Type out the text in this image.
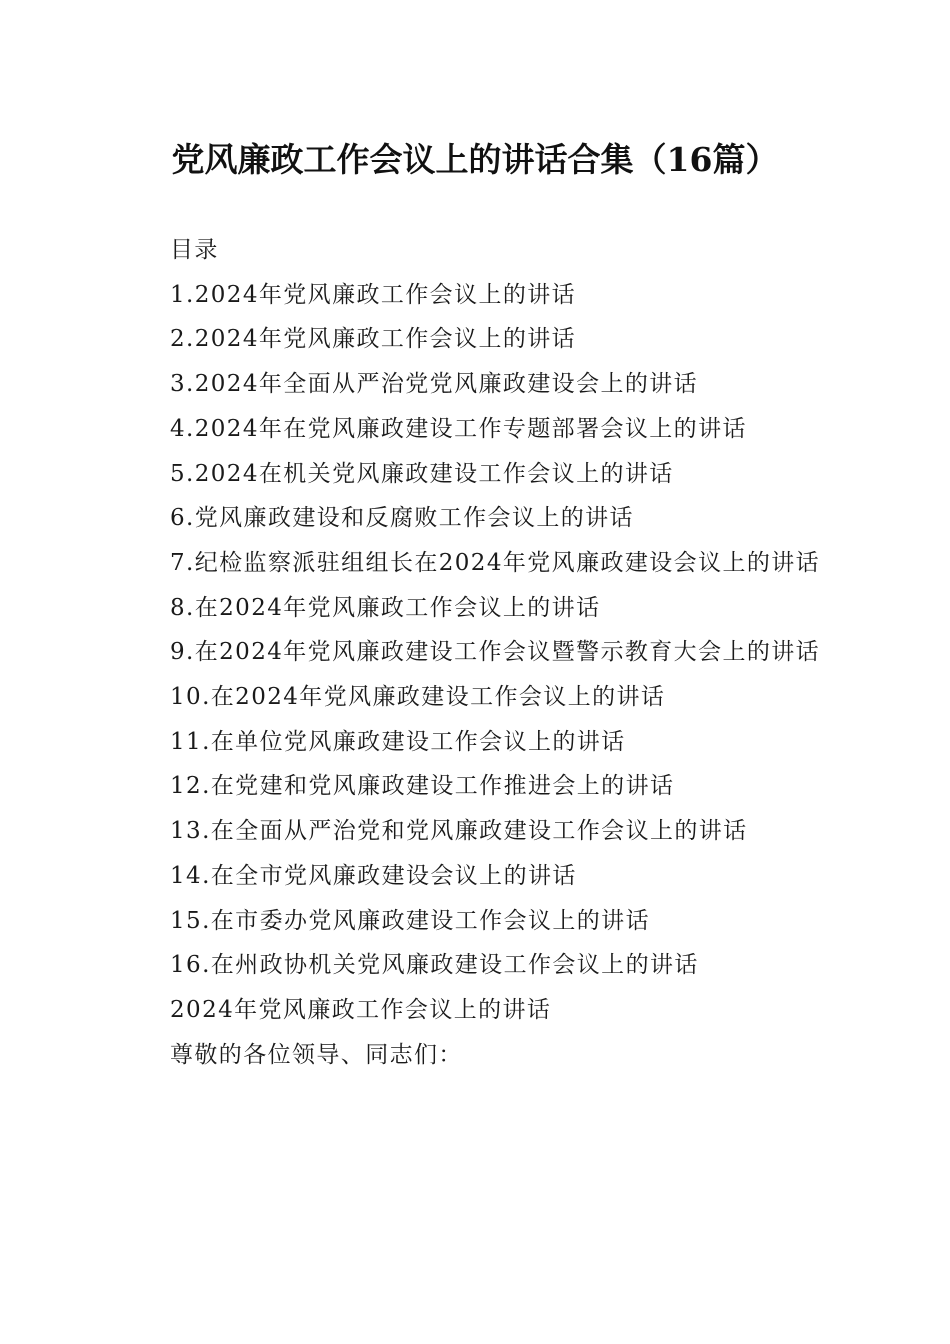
党风廉政工作会议上的讲话合集（16篇）

目录

1.2024年党风廉政工作会议上的讲话

2.2024年党风廉政工作会议上的讲话

3.2024年全面从严治党党风廉政建设会上的讲话

4.2024年在党风廉政建设工作专题部署会议上的讲话

5.2024在机关党风廉政建设工作会议上的讲话

6.党风廉政建设和反腐败工作会议上的讲话

7.纪检监察派驻组组长在2024年党风廉政建设会议上的讲话

8.在2024年党风廉政工作会议上的讲话

9.在2024年党风廉政建设工作会议暨警示教育大会上的讲话

10.在2024年党风廉政建设工作会议上的讲话

11.在单位党风廉政建设工作会议上的讲话

12.在党建和党风廉政建设工作推进会上的讲话

13.在全面从严治党和党风廉政建设工作会议上的讲话

14.在全市党风廉政建设会议上的讲话

15.在市委办党风廉政建设工作会议上的讲话

16.在州政协机关党风廉政建设工作会议上的讲话

2024年党风廉政工作会议上的讲话

尊敬的各位领导、同志们：
